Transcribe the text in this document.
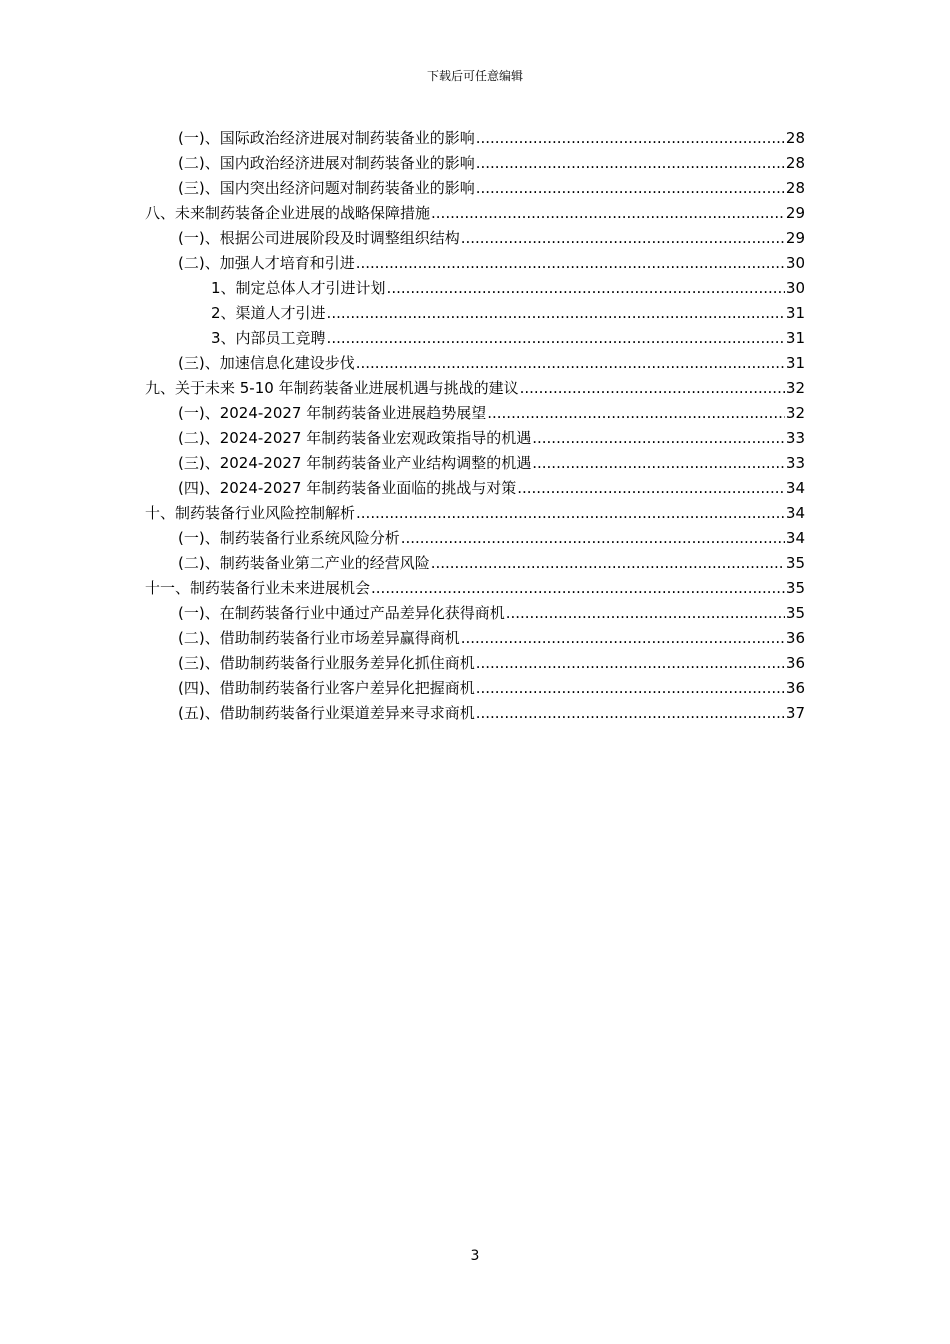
下载后可任意编辑
(一)、国际政治经济进展对制药装备业的影响 .....	28
(二)、国内政治经济进展对制药装备业的影响 .....	28
(三)、国内突出经济问题对制药装备业的影响 .....	28
八、未来制药装备企业进展的战略保障措施 .....	29
(一)、根据公司进展阶段及时调整组织结构 .....	29
(二)、加强人才培育和引进 .....	30
1、制定总体人才引进计划 .....	30
2、渠道人才引进 .....	31
3、内部员工竞聘 .....	31
(三)、加速信息化建设步伐 .....	31
九、关于未来 5-10 年制药装备业进展机遇与挑战的建议 .....	32
(一)、2024-2027 年制药装备业进展趋势展望 .....	32
(二)、2024-2027 年制药装备业宏观政策指导的机遇 .....	33
(三)、2024-2027 年制药装备业产业结构调整的机遇 .....	33
(四)、2024-2027 年制药装备业面临的挑战与对策 .....	34
十、制药装备行业风险控制解析 .....	34
(一)、制药装备行业系统风险分析 .....	34
(二)、制药装备业第二产业的经营风险 .....	35
十一、制药装备行业未来进展机会 .....	35
(一)、在制药装备行业中通过产品差异化获得商机 .....	35
(二)、借助制药装备行业市场差异赢得商机 .....	36
(三)、借助制药装备行业服务差异化抓住商机 .....	36
(四)、借助制药装备行业客户差异化把握商机 .....	36
(五)、借助制药装备行业渠道差异来寻求商机 .....	37
3
